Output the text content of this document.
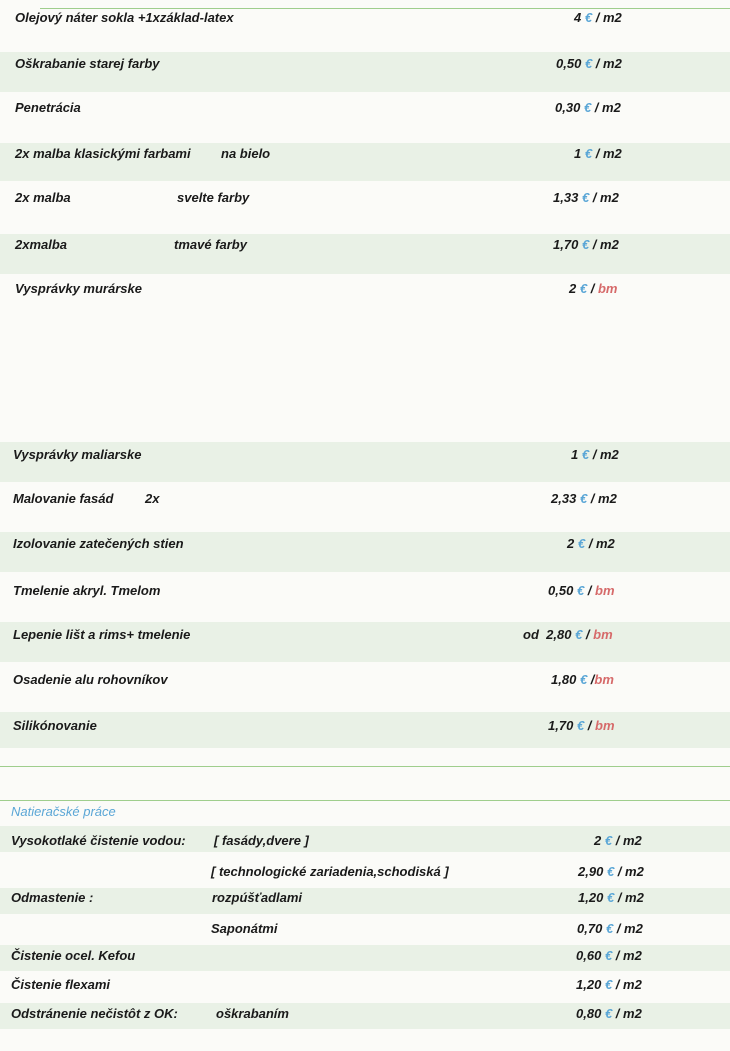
Olejový náter sokla +1xzáklad-latex	4 € / m2
Oškrabanie starej farby	0,50 € / m2
Penetrácia	0,30 € / m2
2x malba klasickými farbami na bielo	1 € / m2
2x malba	svelte farby	1,33 € / m2
2xmalba	tmavé farby	1,70 € / m2
Vysprávky murárske	2 € / bm
Vysprávky maliarske	1 € / m2
Malovanie fasád 2x	2,33 € / m2
Izolovanie zatečených stien	2 € / m2
Tmelenie akryl. Tmelom	0,50 € / bm
Lepenie lišt a rims+ tmelenie	od 2,80 € / bm
Osadenie alu rohovníkov	1,80 € /bm
Silikónovanie	1,70 € / bm
Natieračské práce
Vysokotlaké čistenie vodou: [ fasády,dvere ]	2 € / m2
[ technologické zariadenia,schodiská ]	2,90 € / m2
Odmastenie :	rozpúšťadlami	1,20 € / m2
Saponátmi	0,70 € / m2
Čistenie ocel. Kefou	0,60 € / m2
Čistenie flexami	1,20 € / m2
Odstránenie nečistôt z OK:	oškrabaním	0,80 € / m2
